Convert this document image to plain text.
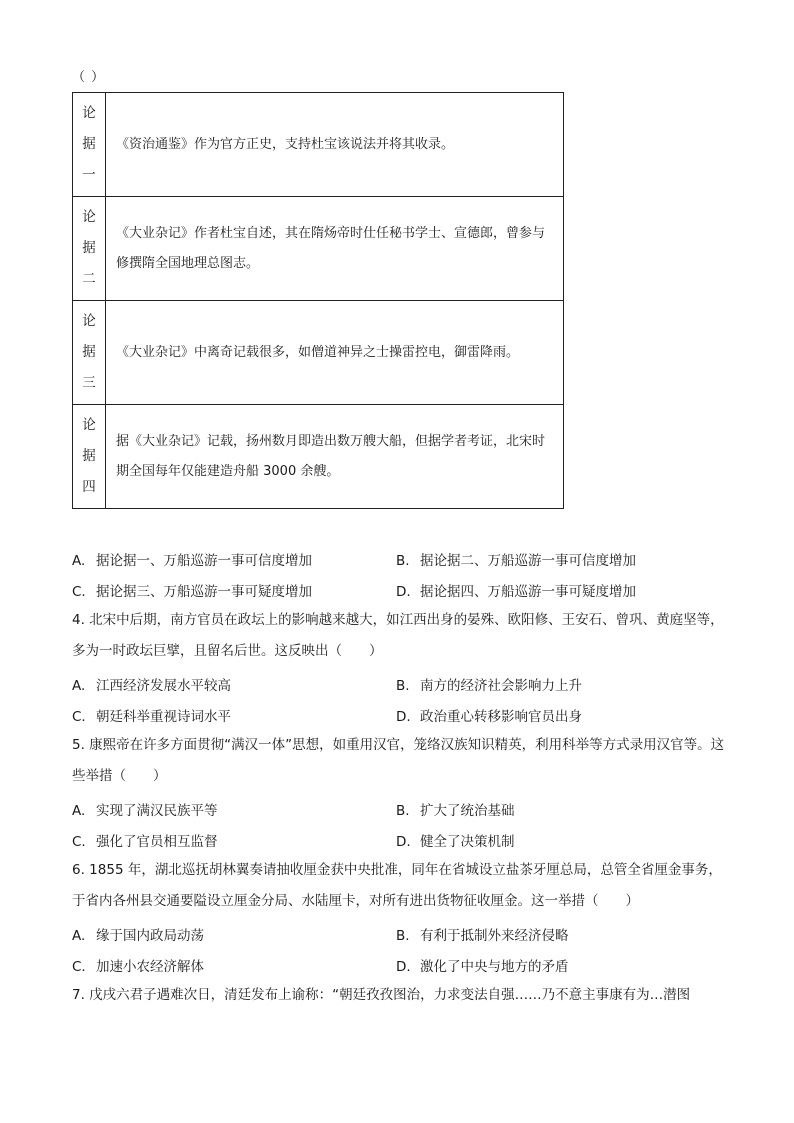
（ ）
论
据
一	《资治通鉴》作为官方正史，支持杜宝该说法并将其收录。

论
据
二	《大业杂记》作者杜宝自述，其在隋炀帝时仕任秘书学士、宣德郎，曾参与修撰隋全国地理总图志。

论
据
三	《大业杂记》中离奇记载很多，如僧道神异之士操雷控电，御雷降雨。

论
据
四	据《大业杂记》记载，扬州数月即造出数万艘大船，但据学者考证，北宋时期全国每年仅能建造舟船 3000 余艘。
A. 据论据一、万船巡游一事可信度增加	B. 据论据二、万船巡游一事可信度增加
C. 据论据三、万船巡游一事可疑度增加	D. 据论据四、万船巡游一事可疑度增加
4. 北宋中后期，南方官员在政坛上的影响越来越大，如江西出身的晏殊、欧阳修、王安石、曾巩、黄庭坚等，多为一时政坛巨擘，且留名后世。这反映出（　　）
A. 江西经济发展水平较高	B. 南方的经济社会影响力上升
C. 朝廷科举重视诗词水平	D. 政治重心转移影响官员出身
5. 康熙帝在许多方面贯彻“满汉一体”思想，如重用汉官，笼络汉族知识精英，利用科举等方式录用汉官等。这些举措（　　）
A. 实现了满汉民族平等	B. 扩大了统治基础
C. 强化了官员相互监督	D. 健全了决策机制
6. 1855 年，湖北巡抚胡林翼奏请抽收厘金获中央批准，同年在省城设立盐茶牙厘总局，总管全省厘金事务，于省内各州县交通要隘设立厘金分局、水陆厘卡，对所有进出货物征收厘金。这一举措（　　）
A. 缘于国内政局动荡	B. 有利于抵制外来经济侵略
C. 加速小农经济解体	D. 激化了中央与地方的矛盾
7. 戊戌六君子遇难次日，清廷发布上谕称：“朝廷孜孜图治，力求变法自强……乃不意主事康有为…潜图
